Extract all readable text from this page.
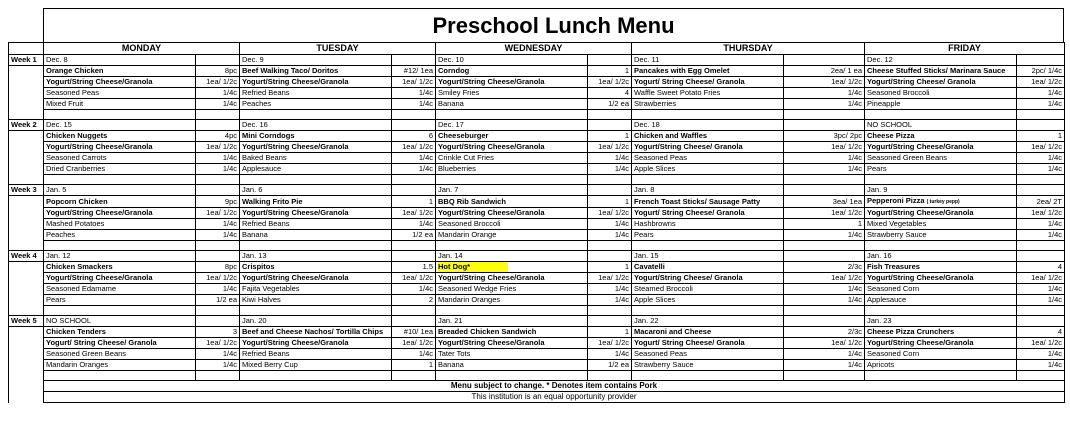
Preschool Lunch Menu
	MONDAY		TUESDAY		WEDNESDAY		THURSDAY		FRIDAY	
Week 1	Dec. 8		Dec. 9		Dec. 10		Dec. 11		Dec. 12	
	Orange Chicken	8pc	Beef Walking Taco/ Doritos	#12/ 1ea	Corndog	1	Pancakes with Egg Omelet	2ea/ 1 ea	Cheese Stuffed Sticks/ Marinara Sauce	2pc/ 1/4c
	Yogurt/String Cheese/Granola	1ea/ 1/2c	Yogurt/String Cheese/Granola	1ea/ 1/2c	Yogurt/String Cheese/Granola	1ea/ 1/2c	Yogurt/ String Cheese/ Granola	1ea/ 1/2c	Yogurt/String Cheese/ Granola	1ea/ 1/2c
	Seasoned Peas	1/4c	Refried Beans	1/4c	Smiley Fries	4	Waffle Sweet Potato Fries	1/4c	Seasoned Broccoli	1/4c
	Mixed Fruit	1/4c	Peaches	1/4c	Banana	1/2 ea	Strawberries	1/4c	Pineapple	1/4c

Week 2	Dec. 15		Dec. 16		Dec. 17		Dec. 18		NO SCHOOL	
	Chicken Nuggets	4pc	Mini Corndogs	6	Cheeseburger	1	Chicken and Waffles	3pc/ 2pc	Cheese Pizza	1
	Yogurt/String Cheese/Granola	1ea/ 1/2c	Yogurt/String Cheese/Granola	1ea/ 1/2c	Yogurt/String Cheese/Granola	1ea/ 1/2c	Yogurt/String Cheese/ Granola	1ea/ 1/2c	Yogurt/String Cheese/Granola	1ea/ 1/2c
	Seasoned Carrots	1/4c	Baked Beans	1/4c	Crinkle Cut Fries	1/4c	Seasoned Peas	1/4c	Seasoned Green Beans	1/4c
	Dried Cranberries	1/4c	Applesauce	1/4c	Blueberries	1/4c	Apple Slices	1/4c	Pears	1/4c

Week 3	Jan. 5		Jan. 6		Jan. 7		Jan. 8		Jan. 9	
	Popcorn Chicken	9pc	Walking Frito Pie	1	BBQ Rib Sandwich	1	French Toast Sticks/ Sausage Patty	3ea/ 1ea	Pepperoni Pizza ( turkey pepp)	2ea/ 2T
	Yogurt/String Cheese/Granola	1ea/ 1/2c	Yogurt/String Cheese/Granola	1ea/ 1/2c	Yogurt/String Cheese/Granola	1ea/ 1/2c	Yogurt/ String Cheese/ Granola	1ea/ 1/2c	Yogurt/String Cheese/Granola	1ea/ 1/2c
	Mashed Potatoes	1/4c	Refried Beans	1/4c	Seasoned Broccoli	1/4c	Hashbrowns	1	Mixed Vegetables	1/4c
	Peaches	1/4c	Banana	1/2 ea	Mandarin Orange	1/4c	Pears	1/4c	Strawberry Sauce	1/4c

Week 4	Jan. 12		Jan. 13		Jan. 14		Jan. 15		Jan. 16	
	Chicken Smackers	8pc	Crispitos	1.5	Hot Dog*	1	Cavatelli	2/3c	Fish Treasures	4
	Yogurt/String Cheese/Granola	1ea/ 1/2c	Yogurt/String Cheese/Granola	1ea/ 1/2c	Yogurt/String Cheese/Granola	1ea/ 1/2c	Yogurt/String Cheese/ Granola	1ea/ 1/2c	Yogurt/String Cheese/Granola	1ea/ 1/2c
	Seasoned Edamame	1/4c	Fajita Vegetables	1/4c	Seasoned Wedge Fries	1/4c	Steamed Broccoli	1/4c	Seasoned Corn	1/4c
	Pears	1/2 ea	Kiwi Halves	2	Mandarin Oranges	1/4c	Apple Slices	1/4c	Applesauce	1/4c

Week 5	NO SCHOOL		Jan. 20		Jan. 21		Jan. 22		Jan. 23	
	Chicken Tenders	3	Beef and Cheese Nachos/ Tortilla Chips	#10/ 1ea	Breaded Chicken Sandwich	1	Macaroni and Cheese	2/3c	Cheese Pizza Crunchers	4
	Yogurt/ String Cheese/ Granola	1ea/ 1/2c	Yogurt/String Cheese/Granola	1ea/ 1/2c	Yogurt/String Cheese/Granola	1ea/ 1/2c	Yogurt/ String Cheese/ Granola	1ea/ 1/2c	Yogurt/String Cheese/Granola	1ea/ 1/2c
	Seasoned Green Beans	1/4c	Refried Beans	1/4c	Tater Tots	1/4c	Seasoned Peas	1/4c	Seasoned Corn	1/4c
	Mandarin Oranges	1/4c	Mixed Berry Cup	1	Banana	1/2 ea	Strawberry Sauce	1/4c	Apricots	1/4c

	Menu subject to change. * Denotes item contains Pork									
	This institution is an equal opportunity provider									
